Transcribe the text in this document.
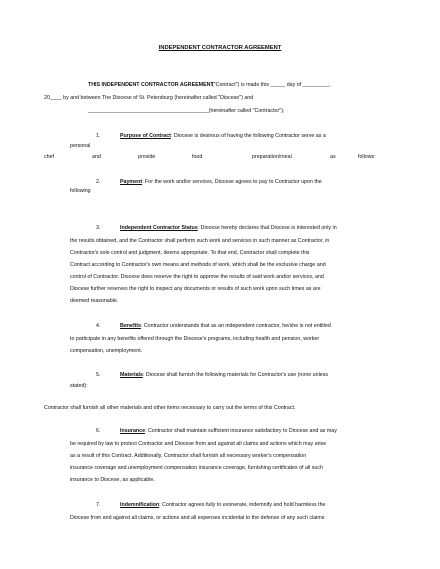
INDEPENDENT CONTRACTOR AGREEMENT
THIS INDEPENDENT CONTRACTOR AGREEMENT
("Contract") is made this _____ day of _________,
20____ by and between The Diocese of St. Petersburg (hereinafter called "Diocese") and
_________________________________________(hereinafter called "Contractor");
1.	Purpose of Contract: Diocese is desirous of having the following Contractor serve as a
personal
chef	and	provide	food	preparation/meal	as	follows:
2.	Payment: For the work and/or services, Diocese agrees to pay to Contractor upon the
following
3.	Independent Contractor Status: Diocese hereby declares that Diocese is interested only in
the results obtained, and the Contractor shall perform such work and services in such manner as Contractor, in
Contractor's sole control and judgment, deems appropriate. To that end, Contractor shall complete this
Contract according to Contractor's own means and methods of work, which shall be the exclusive charge and
control of Contractor. Diocese does reserve the right to approve the results of said work and/or services, and
Diocese further reserves the right to inspect any documents or results of such work upon such times as are
deemed reasonable.
4.	Benefits: Contractor understands that as an independent contractor, he/she is not entitled
to participate in any benefits offered through the Diocese's programs, including health and pension, worker
compensation, unemployment.
5.	Materials: Diocese shall furnish the following materials for Contractor's use (none unless
stated):
Contractor shall furnish all other materials and other items necessary to carry out the terms of this Contract.
6.	Insurance: Contractor shall maintain sufficient insurance satisfactory to Diocese and as may
be required by law to protect Contractor and Diocese from and against all claims and actions which may arise
as a result of this Contract. Additionally, Contractor shall furnish all necessary worker's compensation
insurance coverage and unemployment compensation insurance coverage, furnishing certificates of all such
insurance to Diocese, as applicable.
7.	Indemnification: Contractor agrees fully to exonerate, indemnify and hold harmless the
Diocese from and against all claims, or actions and all expenses incidental to the defense of any such claims
